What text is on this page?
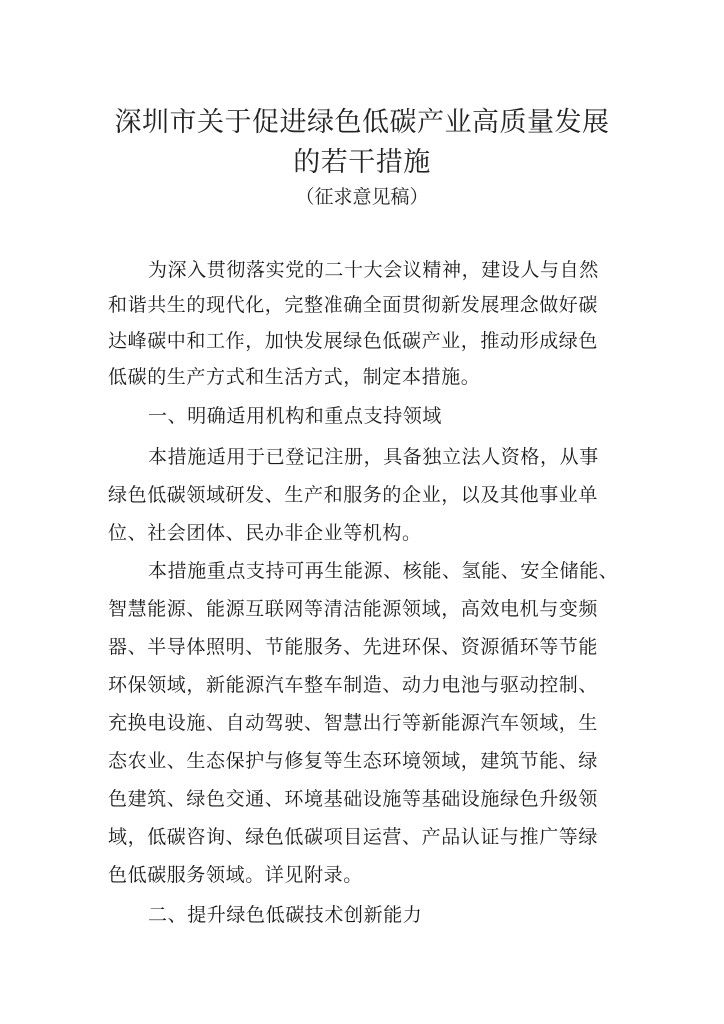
深圳市关于促进绿色低碳产业高质量发展
的若干措施
（征求意见稿）
为深入贯彻落实党的二十大会议精神，建设人与自然
和谐共生的现代化，完整准确全面贯彻新发展理念做好碳
达峰碳中和工作，加快发展绿色低碳产业，推动形成绿色
低碳的生产方式和生活方式，制定本措施。
一、明确适用机构和重点支持领域
本措施适用于已登记注册，具备独立法人资格，从事
绿色低碳领域研发、生产和服务的企业，以及其他事业单
位、社会团体、民办非企业等机构。
本措施重点支持可再生能源、核能、氢能、安全储能、
智慧能源、能源互联网等清洁能源领域，高效电机与变频
器、半导体照明、节能服务、先进环保、资源循环等节能
环保领域，新能源汽车整车制造、动力电池与驱动控制、
充换电设施、自动驾驶、智慧出行等新能源汽车领域，生
态农业、生态保护与修复等生态环境领域，建筑节能、绿
色建筑、绿色交通、环境基础设施等基础设施绿色升级领
域，低碳咨询、绿色低碳项目运营、产品认证与推广等绿
色低碳服务领域。详见附录。
二、提升绿色低碳技术创新能力
